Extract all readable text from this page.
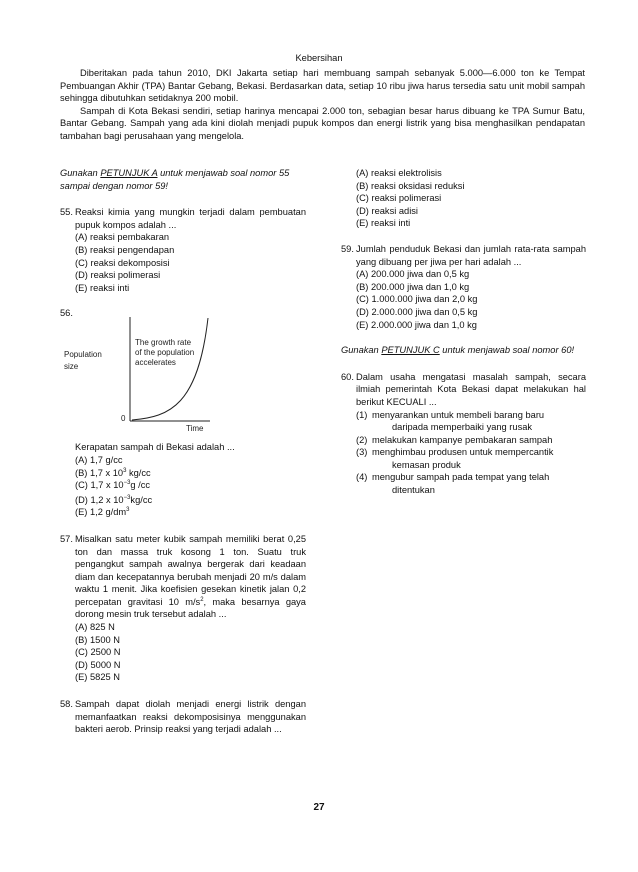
Kebersihan

Diberitakan pada tahun 2010, DKI Jakarta setiap hari membuang sampah sebanyak 5.000—6.000 ton ke Tempat Pembuangan Akhir (TPA) Bantar Gebang, Bekasi. Berdasarkan data, setiap 10 ribu jiwa harus tersedia satu unit mobil sampah sehingga dibutuhkan setidaknya 200 mobil.

Sampah di Kota Bekasi sendiri, setiap harinya mencapai 2.000 ton, sebagian besar harus dibuang ke TPA Sumur Batu, Bantar Gebang. Sampah yang ada kini diolah menjadi pupuk kompos dan energi listrik yang bisa menghasilkan pendapatan tambahan bagi perusahaan yang mengelola.

Gunakan PETUNJUK A untuk menjawab soal nomor 55 sampai dengan nomor 59!
55. Reaksi kimia yang mungkin terjadi dalam pembuatan pupuk kompos adalah ...
(A) reaksi pembakaran
(B) reaksi pengendapan
(C) reaksi dekomposisi
(D) reaksi polimerasi
(E) reaksi inti
56.
Population
size
The growth rate
of the population
accelerates
0
Time
Kerapatan sampah di Bekasi adalah ...
(A) 1,7 g/cc
(B) 1,7 x $10^3$ kg/cc
(C) 1,7 x $10^{-3}g$ /cc
(D) 1,2 x $10^{-3}kg/cc$
(E) 1,2 $g/dm^3$
57. Misalkan satu meter kubik sampah memiliki berat 0,25 ton dan massa truk kosong 1 ton. Suatu truk pengangkut sampah awalnya bergerak dari keadaan diam dan kecepatannya berubah menjadi 20 m/s dalam waktu 1 menit. Jika koefisien gesekan kinetik jalan 0,2 percepatan gravitasi 10 $m/s^2$, maka besarnya gaya dorong mesin truk tersebut adalah ...
(A) 825 N
(B) 1500 N
(C) 2500 N
(D) 5000 N
(E) 5825 N
58. Sampah dapat diolah menjadi energi listrik dengan memanfaatkan reaksi dekomposisinya menggunakan bakteri aerob. Prinsip reaksi yang terjadi adalah ...
(A) reaksi elektrolisis
(B) reaksi oksidasi reduksi
(C) reaksi polimerasi
(D) reaksi adisi
(E) reaksi inti
59. Jumlah penduduk Bekasi dan jumlah rata-rata sampah yang dibuang per jiwa per hari adalah ...
(A) 200.000 jiwa dan 0,5 kg
(B) 200.000 jiwa dan 1,0 kg
(C) 1.000.000 jiwa dan 2,0 kg
(D) 2.000.000 jiwa dan 0,5 kg
(E) 2.000.000 jiwa dan 1,0 kg
Gunakan PETUNJUK C untuk menjawab soal nomor 60!
60. Dalam usaha mengatasi masalah sampah, secara ilmiah pemerintah Kota Bekasi dapat melakukan hal berikut KECUALI ...
(1) menyarankan untuk membeli barang baru
daripada memperbaiki yang rusak
(2) melakukan kampanye pembakaran sampah
(3) menghimbau produsen untuk mempercantik
kemasan produk
(4) mengubur sampah pada tempat yang telah
ditentukan
27
